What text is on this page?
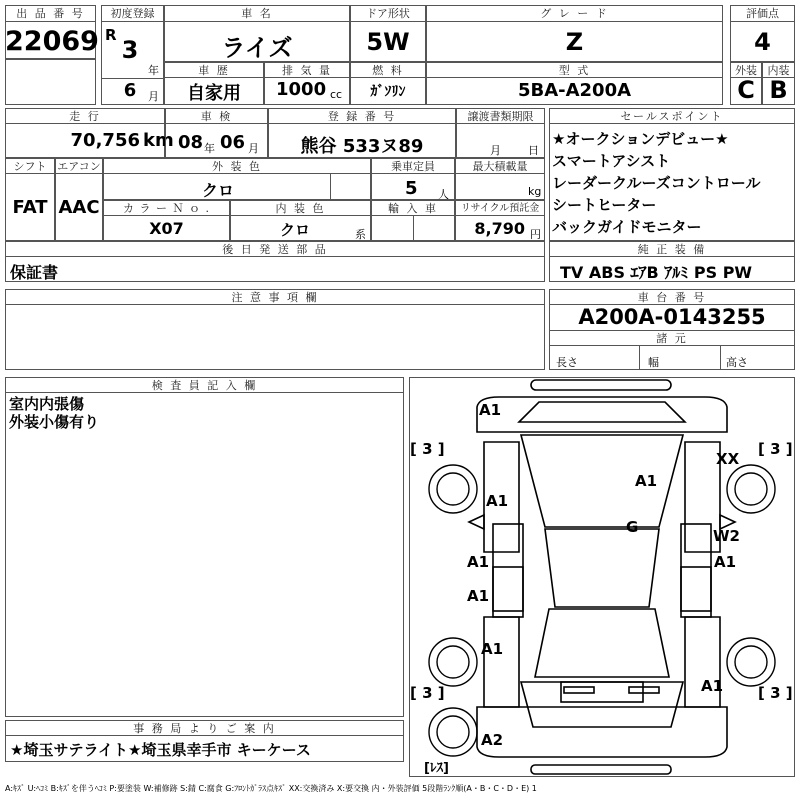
出 品 番 号
22069
初度登録
R
3
年
6	月
車 名
ライズ
ドア形状
5W
グ レ ー ド
Z
評価点
4
車 歴
自家用
排 気 量
1000 cc
燃 料
ｶﾞｿﾘﾝ
型 式
5BA-A200A
外装
C
内装
B
走 行
70,756 km
車 検
08 年 06 月
登 録 番 号
熊谷 533ヌ89
譲渡書類期限
月 日
シフト
FAT
エアコン
AAC
外 装 色
クロ
乗車定員
5 人
最大積載量
kg
カ ラ ー Ｎ ｏ .
X07
内 装 色
クロ	系
輸 入 車	リサイクル預託金
8,790 円
後 日 発 送 部 品
保証書
セールスポイント
★オークションデビュー★
スマートアシスト
レーダークルーズコントロール
シートヒーター
バックガイドモニター
純 正 装 備
TV ABS ｴｱB ｱﾙﾐ PS PW
注 意 事 項 欄	車 台 番 号
A200A-0143255
諸 元
長さ	幅	高さ
検 査 員 記 入 欄
室内内張傷
外装小傷有り
事 務 局 よ り ご 案 内
★埼玉サテライト★埼玉県幸手市 キーケース
A1
XX
A1
A1
G	W2
A1	A1
A1
A1
A1
A2
[ 3 ]	[ 3 ]
[ 3 ]	[ 3 ]
[ﾚｽ]
A:ｷｽﾞ U:ﾍｺﾐ B:ｷｽﾞを伴うﾍｺﾐ P:要塗装 W:補修跡 S:錆 C:腐食 G:ﾌﾛﾝﾄｶﾞﾗｽ点ｷｽﾞ XX:交換済み X:要交換 内・外装評価 5段階ﾗﾝｸ順(A・B・C・D・E) 1
